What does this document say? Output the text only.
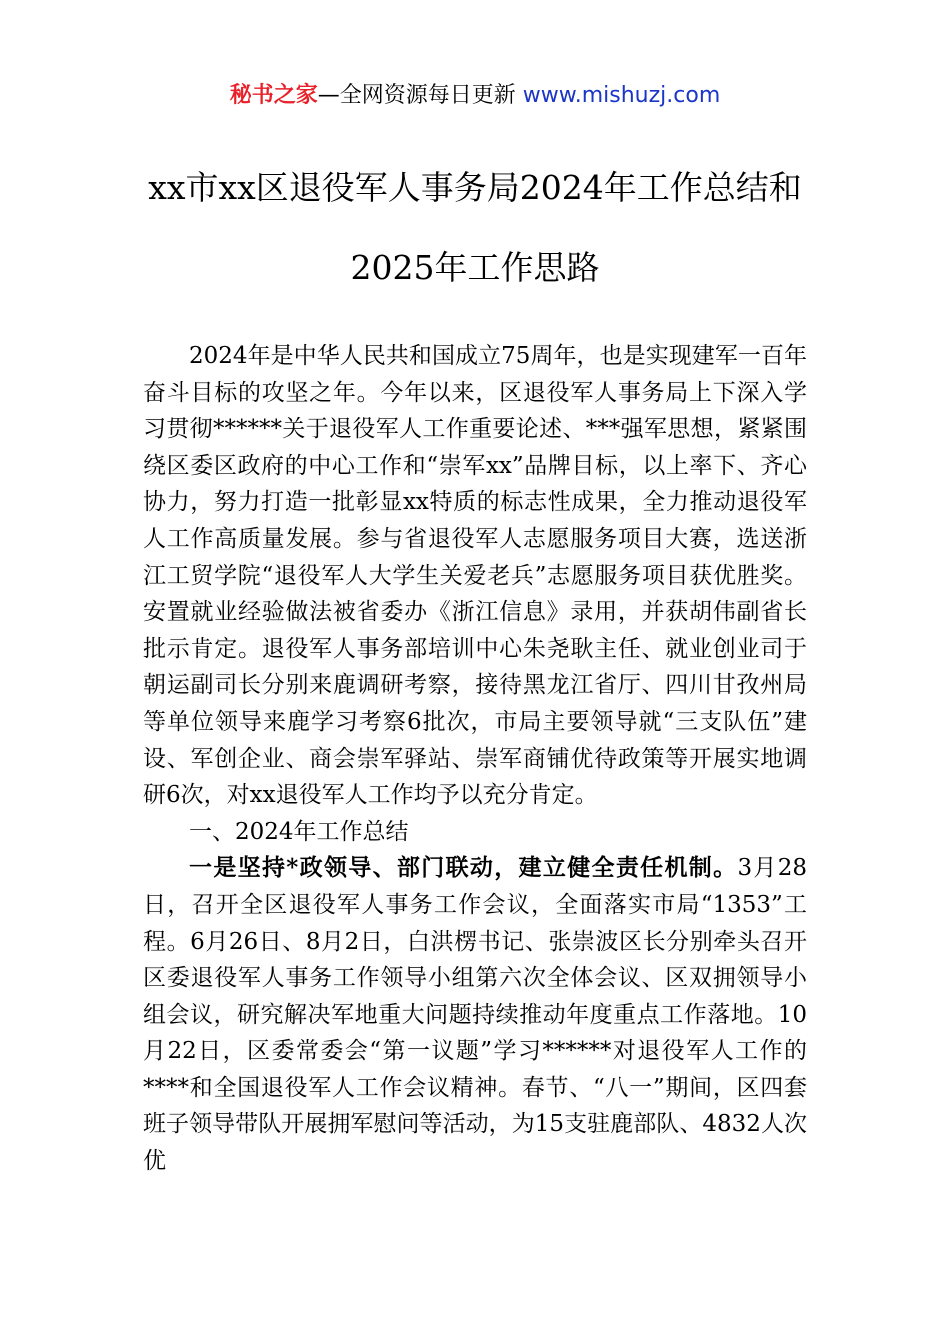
秘书之家—全网资源每日更新 www.mishuzj.com
xx市xx区退役军人事务局2024年工作总结和2025年工作思路

2024年是中华人民共和国成立75周年，也是实现建军一百年奋斗目标的攻坚之年。今年以来，区退役军人事务局上下深入学习贯彻******关于退役军人工作重要论述、***强军思想，紧紧围绕区委区政府的中心工作和“崇军xx”品牌目标，以上率下、齐心协力，努力打造一批彰显xx特质的标志性成果，全力推动退役军人工作高质量发展。参与省退役军人志愿服务项目大赛，选送浙江工贸学院“退役军人大学生关爱老兵”志愿服务项目获优胜奖。安置就业经验做法被省委办《浙江信息》录用，并获胡伟副省长批示肯定。退役军人事务部培训中心朱尧耿主任、就业创业司于朝运副司长分别来鹿调研考察，接待黑龙江省厅、四川甘孜州局等单位领导来鹿学习考察6批次，市局主要领导就“三支队伍”建设、军创企业、商会崇军驿站、崇军商铺优待政策等开展实地调研6次，对xx退役军人工作均予以充分肯定。

一、2024年工作总结

一是坚持*政领导、部门联动，建立健全责任机制。3月28日，召开全区退役军人事务工作会议，全面落实市局“1353”工程。6月26日、8月2日，白洪楞书记、张崇波区长分别牵头召开区委退役军人事务工作领导小组第六次全体会议、区双拥领导小组会议，研究解决军地重大问题持续推动年度重点工作落地。10月22日，区委常委会“第一议题”学习******对退役军人工作的****和全国退役军人工作会议精神。春节、“八一”期间，区四套班子领导带队开展拥军慰问等活动，为15支驻鹿部队、4832人次优
